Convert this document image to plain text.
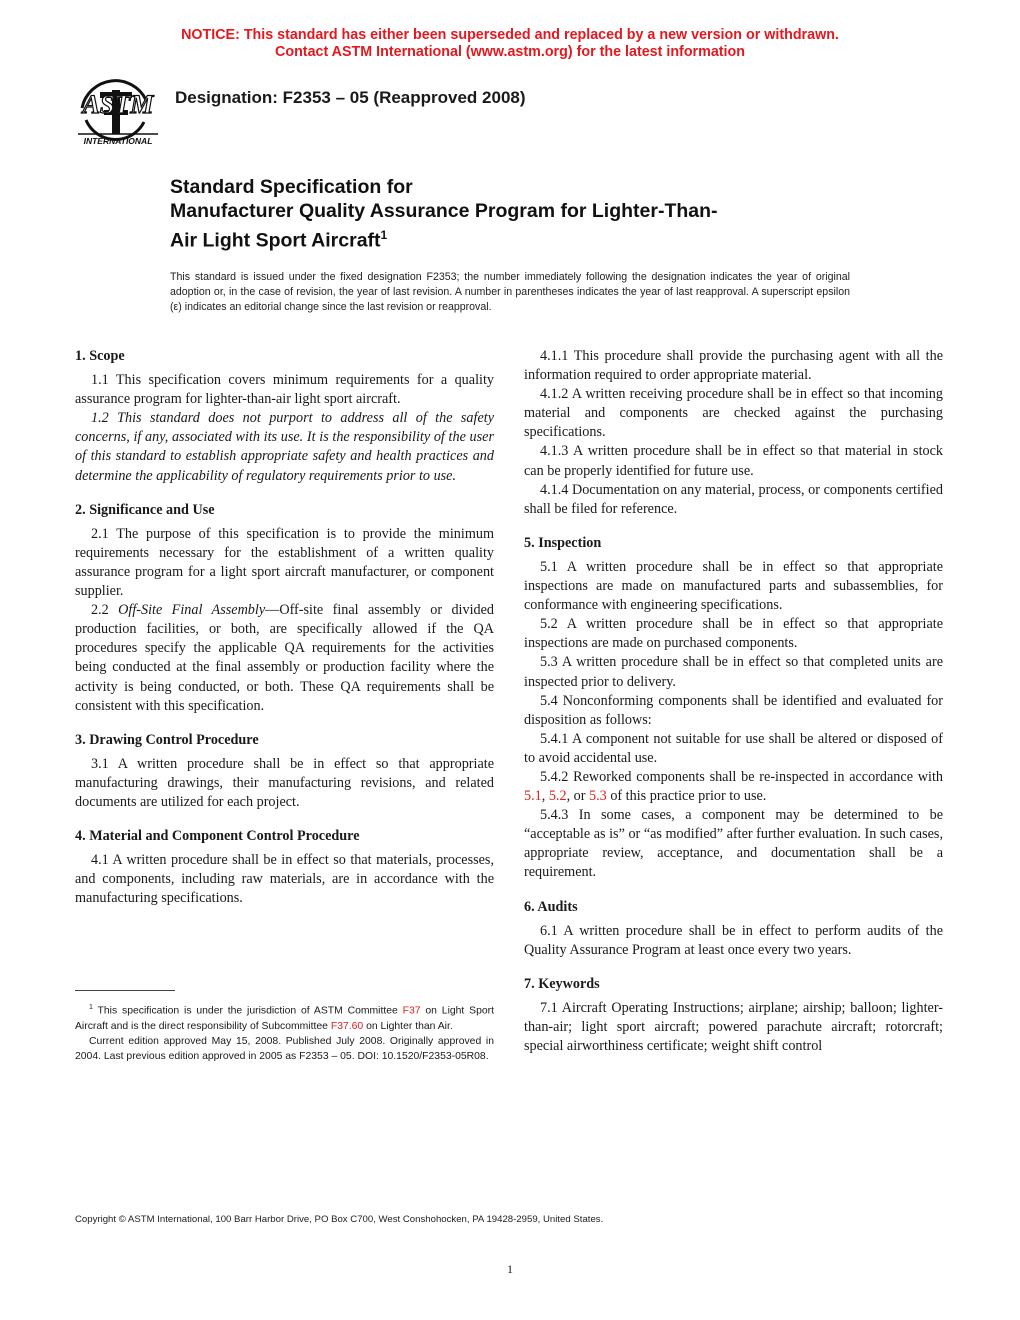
NOTICE: This standard has either been superseded and replaced by a new version or withdrawn.
Contact ASTM International (www.astm.org) for the latest information
ASTM
INTERNATIONAL
Designation: F2353 – 05 (Reapproved 2008)
Standard Specification for
Manufacturer Quality Assurance Program for Lighter-Than-
Air Light Sport Aircraft$^1$
This standard is issued under the fixed designation F2353; the number immediately following the designation indicates the year of original adoption or, in the case of revision, the year of last revision. A number in parentheses indicates the year of last reapproval. A superscript epsilon (ε) indicates an editorial change since the last revision or reapproval.
1. Scope

1.1 This specification covers minimum requirements for a quality assurance program for lighter-than-air light sport aircraft.

1.2 This standard does not purport to address all of the safety concerns, if any, associated with its use. It is the responsibility of the user of this standard to establish appropriate safety and health practices and determine the applicability of regulatory requirements prior to use.

2. Significance and Use

2.1 The purpose of this specification is to provide the minimum requirements necessary for the establishment of a written quality assurance program for a light sport aircraft manufacturer, or component supplier.

2.2 Off-Site Final Assembly—Off-site final assembly or divided production facilities, or both, are specifically allowed if the QA procedures specify the applicable QA requirements for the activities being conducted at the final assembly or production facility where the activity is being conducted, or both. These QA requirements shall be consistent with this specification.

3. Drawing Control Procedure

3.1 A written procedure shall be in effect so that appropriate manufacturing drawings, their manufacturing revisions, and related documents are utilized for each project.

4. Material and Component Control Procedure

4.1 A written procedure shall be in effect so that materials, processes, and components, including raw materials, are in accordance with the manufacturing specifications.

$^1$ This specification is under the jurisdiction of ASTM Committee F37 on Light Sport Aircraft and is the direct responsibility of Subcommittee F37.60 on Lighter than Air.

Current edition approved May 15, 2008. Published July 2008. Originally approved in 2004. Last previous edition approved in 2005 as F2353 – 05. DOI: 10.1520/F2353-05R08.

4.1.1 This procedure shall provide the purchasing agent with all the information required to order appropriate material.

4.1.2 A written receiving procedure shall be in effect so that incoming material and components are checked against the purchasing specifications.

4.1.3 A written procedure shall be in effect so that material in stock can be properly identified for future use.

4.1.4 Documentation on any material, process, or components certified shall be filed for reference.

5. Inspection

5.1 A written procedure shall be in effect so that appropriate inspections are made on manufactured parts and subassemblies, for conformance with engineering specifications.

5.2 A written procedure shall be in effect so that appropriate inspections are made on purchased components.

5.3 A written procedure shall be in effect so that completed units are inspected prior to delivery.

5.4 Nonconforming components shall be identified and evaluated for disposition as follows:

5.4.1 A component not suitable for use shall be altered or disposed of to avoid accidental use.

5.4.2 Reworked components shall be re-inspected in accordance with 5.1, 5.2, or 5.3 of this practice prior to use.

5.4.3 In some cases, a component may be determined to be “acceptable as is” or “as modified” after further evaluation. In such cases, appropriate review, acceptance, and documentation shall be a requirement.

6. Audits

6.1 A written procedure shall be in effect to perform audits of the Quality Assurance Program at least once every two years.

7. Keywords

7.1 Aircraft Operating Instructions; airplane; airship; balloon; lighter-than-air; light sport aircraft; powered parachute aircraft; rotorcraft; special airworthiness certificate; weight shift control

Copyright © ASTM International, 100 Barr Harbor Drive, PO Box C700, West Conshohocken, PA 19428-2959, United States.
1
